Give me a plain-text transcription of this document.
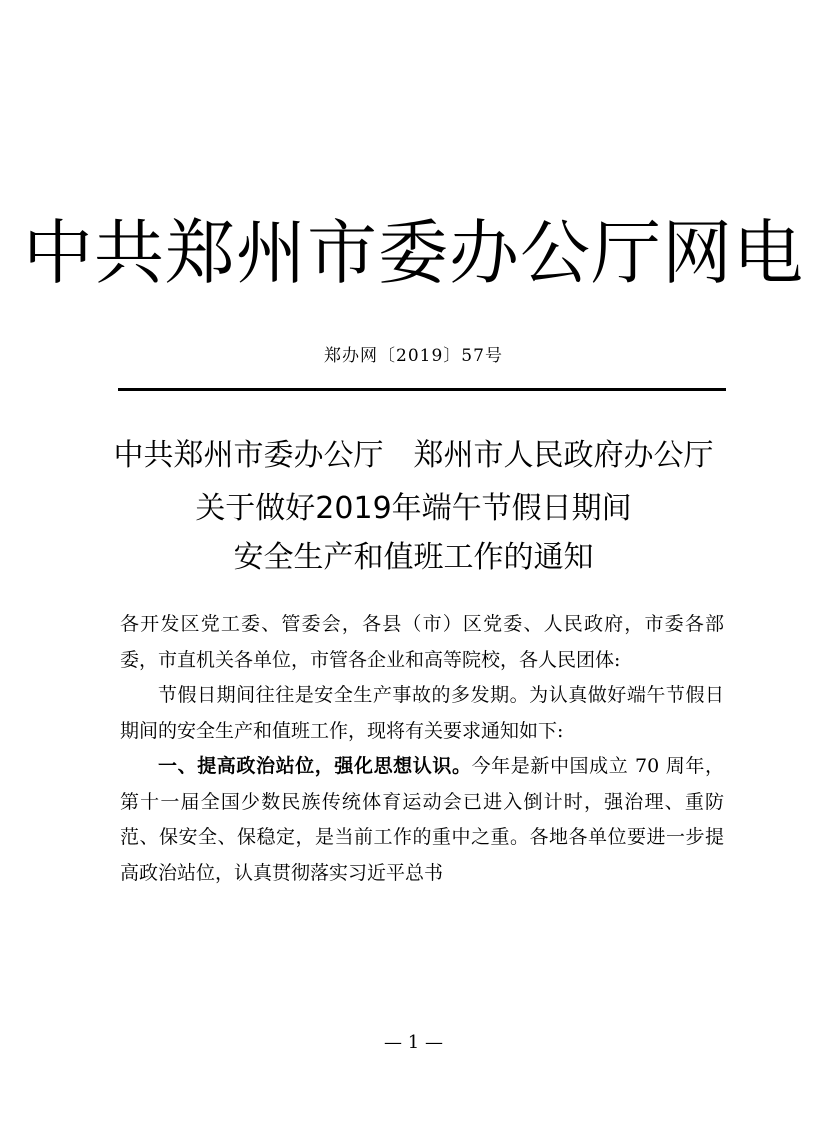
中共郑州市委办公厅网电
郑办网〔2019〕57号
中共郑州市委办公厅　郑州市人民政府办公厅
关于做好2019年端午节假日期间
安全生产和值班工作的通知

各开发区党工委、管委会，各县（市）区党委、人民政府，市委各部委，市直机关各单位，市管各企业和高等院校，各人民团体:

节假日期间往往是安全生产事故的多发期。为认真做好端午节假日期间的安全生产和值班工作，现将有关要求通知如下:

一、提高政治站位，强化思想认识。今年是新中国成立 70 周年，第十一届全国少数民族传统体育运动会已进入倒计时，强治理、重防范、保安全、保稳定，是当前工作的重中之重。各地各单位要进一步提高政治站位，认真贯彻落实习近平总书

— 1 —
